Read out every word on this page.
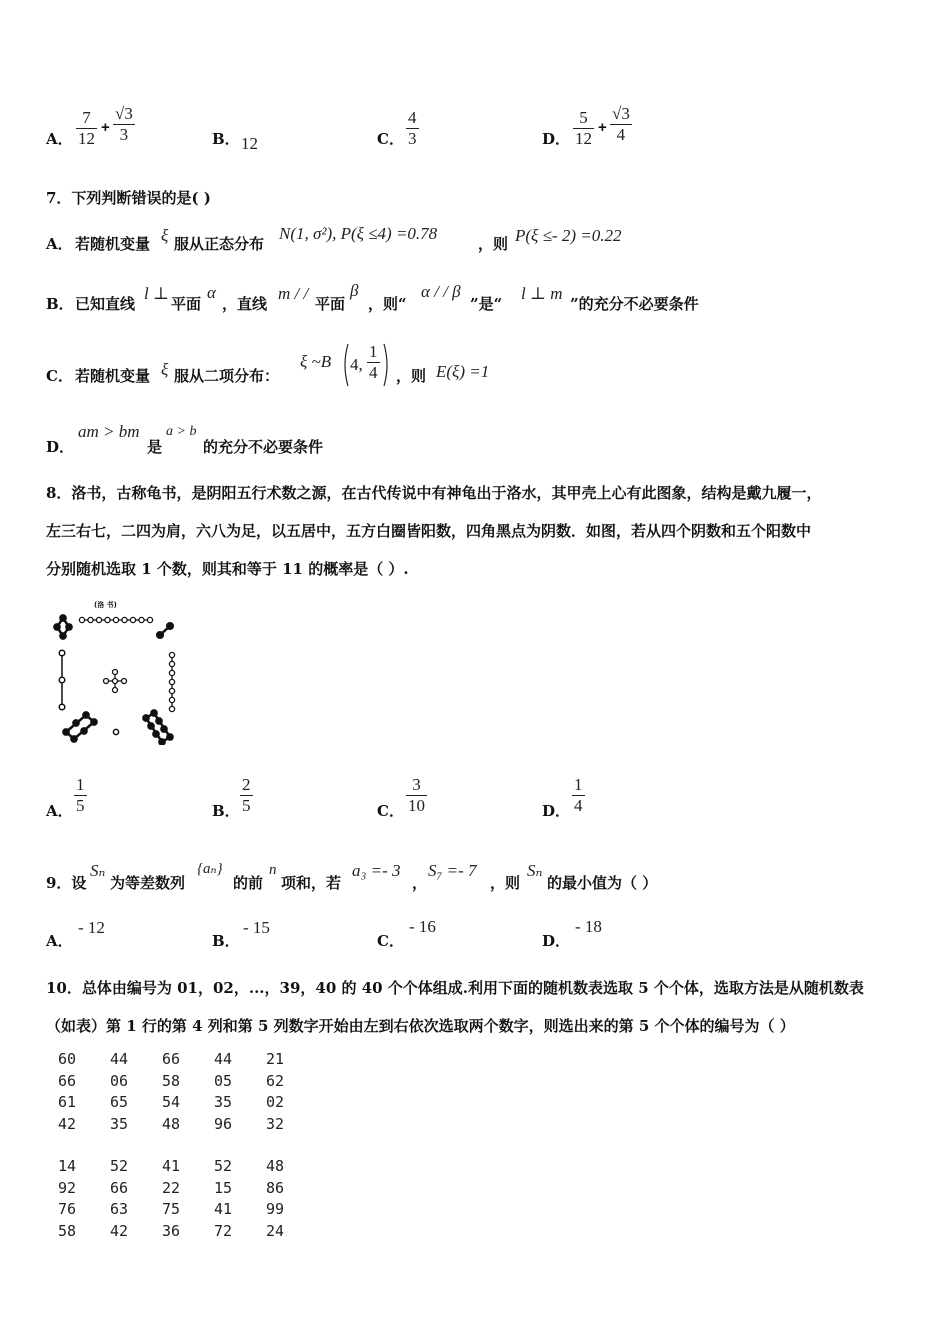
A．
7
12
+
√3
3	B． 12	C．
4
3	D．
5
12
+
√3
4
7．下列判断错误的是( )
A． 若随机变量 ξ 服从正态分布
N(1, σ²), P(ξ ≤4) =0.78
，则 P(ξ ≤- 2) =0.22
B． 已知直线
l ⊥
平面
α
，直线
m / /
平面
β
，则“
α / / β
”是“
l ⊥ m
”的充分不必要条件
C． 若随机变量 ξ 服从二项分布：
ξ ~B 4,
1
4 ，则 E(ξ) =1
D．
am > bm
是
a > b
的充分不必要条件
8．洛书，古称龟书，是阴阳五行术数之源，在古代传说中有神龟出于洛水，其甲壳上心有此图象，结构是戴九履一，
左三右七，二四为肩，六八为足，以五居中，五方白圈皆阳数，四角黑点为阴数．如图，若从四个阴数和五个阳数中
分别随机选取 1 个数，则其和等于 11 的概率是（ ）.
(洛 书)
A．
1
5	B．
2
5	C．
3
10	D．
1
4
9．设
Sₙ
为等差数列
{aₙ}
的前
n
项和，若
a₃ =- 3
，
S₇ =- 7
，则
Sₙ
的最小值为（ ）
A．
- 12
B．
- 15
C．
- 16
D．
- 18
10．总体由编号为 01，02，...，39，40 的 40 个个体组成.利用下面的随机数表选取 5 个个体，选取方法是从随机数表
（如表）第 1 行的第 4 列和第 5 列数字开始由左到右依次选取两个数字，则选出来的第 5 个个体的编号为（ ）
60	44	66	44	21
66	06	58	05	62
61	65	54	35	02
42	35	48	96	32
14	52	41	52	48
92	66	22	15	86
76	63	75	41	99
58	42	36	72	24
